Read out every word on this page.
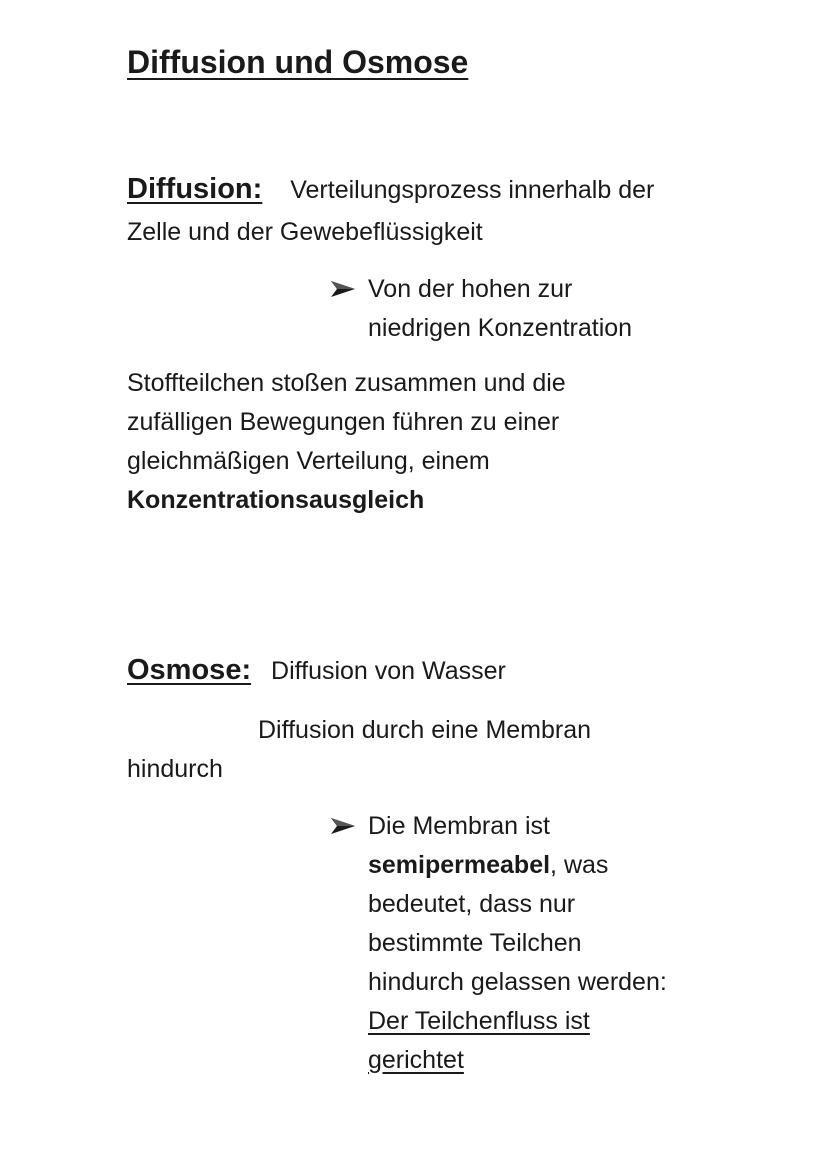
Diffusion und Osmose
Diffusion: Verteilungsprozess innerhalb der
Zelle und der Gewebeflüssigkeit
Von der hohen zur
niedrigen Konzentration
Stoffteilchen stoßen zusammen und die
zufälligen Bewegungen führen zu einer
gleichmäßigen Verteilung, einem
Konzentrationsausgleich
Osmose: Diffusion von Wasser
Diffusion durch eine Membran
hindurch
Die Membran ist
semipermeabel, was
bedeutet, dass nur
bestimmte Teilchen
hindurch gelassen werden:
Der Teilchenfluss ist
gerichtet
